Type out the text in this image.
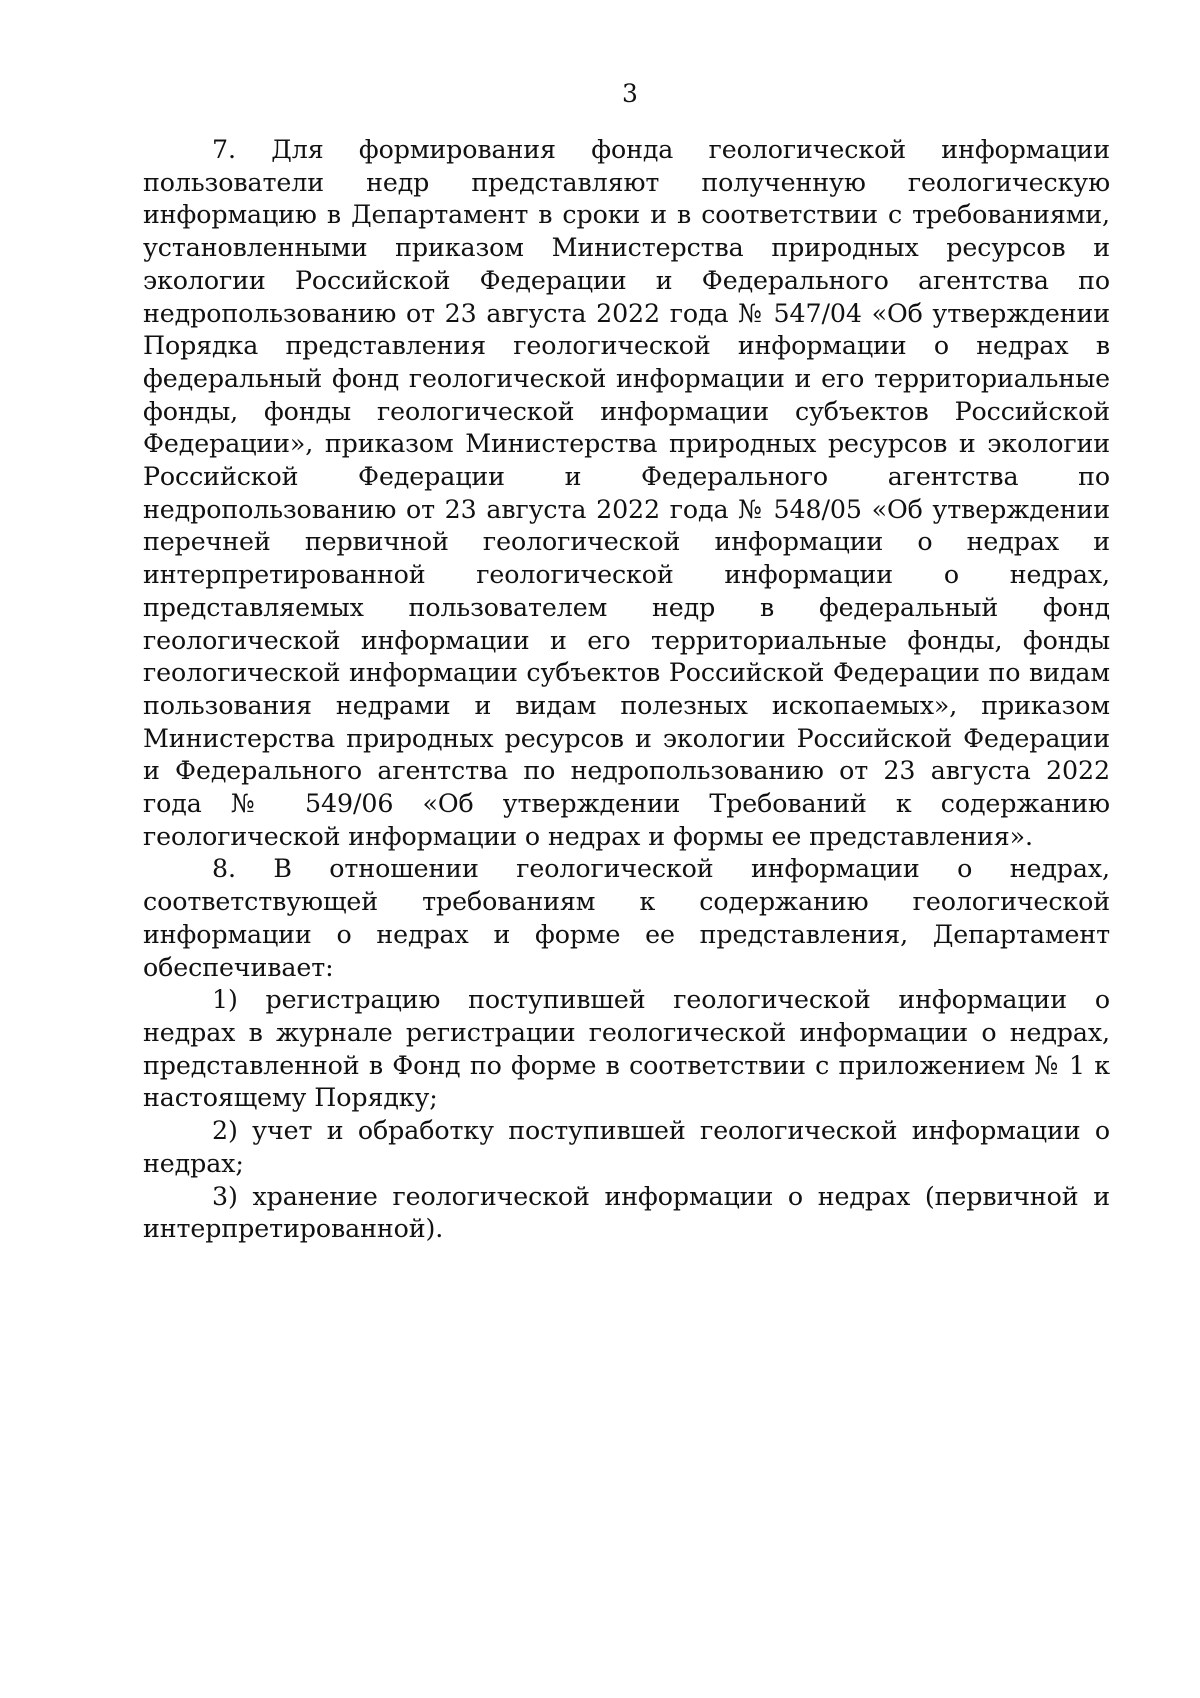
3

7. Для формирования фонда геологической информации пользователи недр представляют полученную геологическую информацию в Департамент в сроки и в соответствии с требованиями, установленными приказом Министерства природных ресурсов и экологии Российской Федерации и Федерального агентства по недропользованию от 23 августа 2022 года № 547/04 «Об утверждении Порядка представления геологической информации о недрах в федеральный фонд геологической информации и его территориальные фонды, фонды геологической информации субъектов Российской Федерации», приказом Министерства природных ресурсов и экологии Российской Федерации и Федерального агентства по недропользованию от 23 августа 2022 года № 548/05 «Об утверждении перечней первичной геологической информации о недрах и интерпретированной геологической информации о недрах, представляемых пользователем недр в федеральный фонд геологической информации и его территориальные фонды, фонды геологической информации субъектов Российской Федерации по видам пользования недрами и видам полезных ископаемых», приказом Министерства природных ресурсов и экологии Российской Федерации и Федерального агентства по недропользованию от 23 августа 2022 года № 549/06 «Об утверждении Требований к содержанию геологической информации о недрах и формы ее представления».

8. В отношении геологической информации о недрах, соответствующей требованиям к содержанию геологической информации о недрах и форме ее представления, Департамент обеспечивает:

1) регистрацию поступившей геологической информации о недрах в журнале регистрации геологической информации о недрах, представленной в Фонд по форме в соответствии с приложением № 1 к настоящему Порядку;

2) учет и обработку поступившей геологической информации о недрах;

3) хранение геологической информации о недрах (первичной и интерпретированной).
